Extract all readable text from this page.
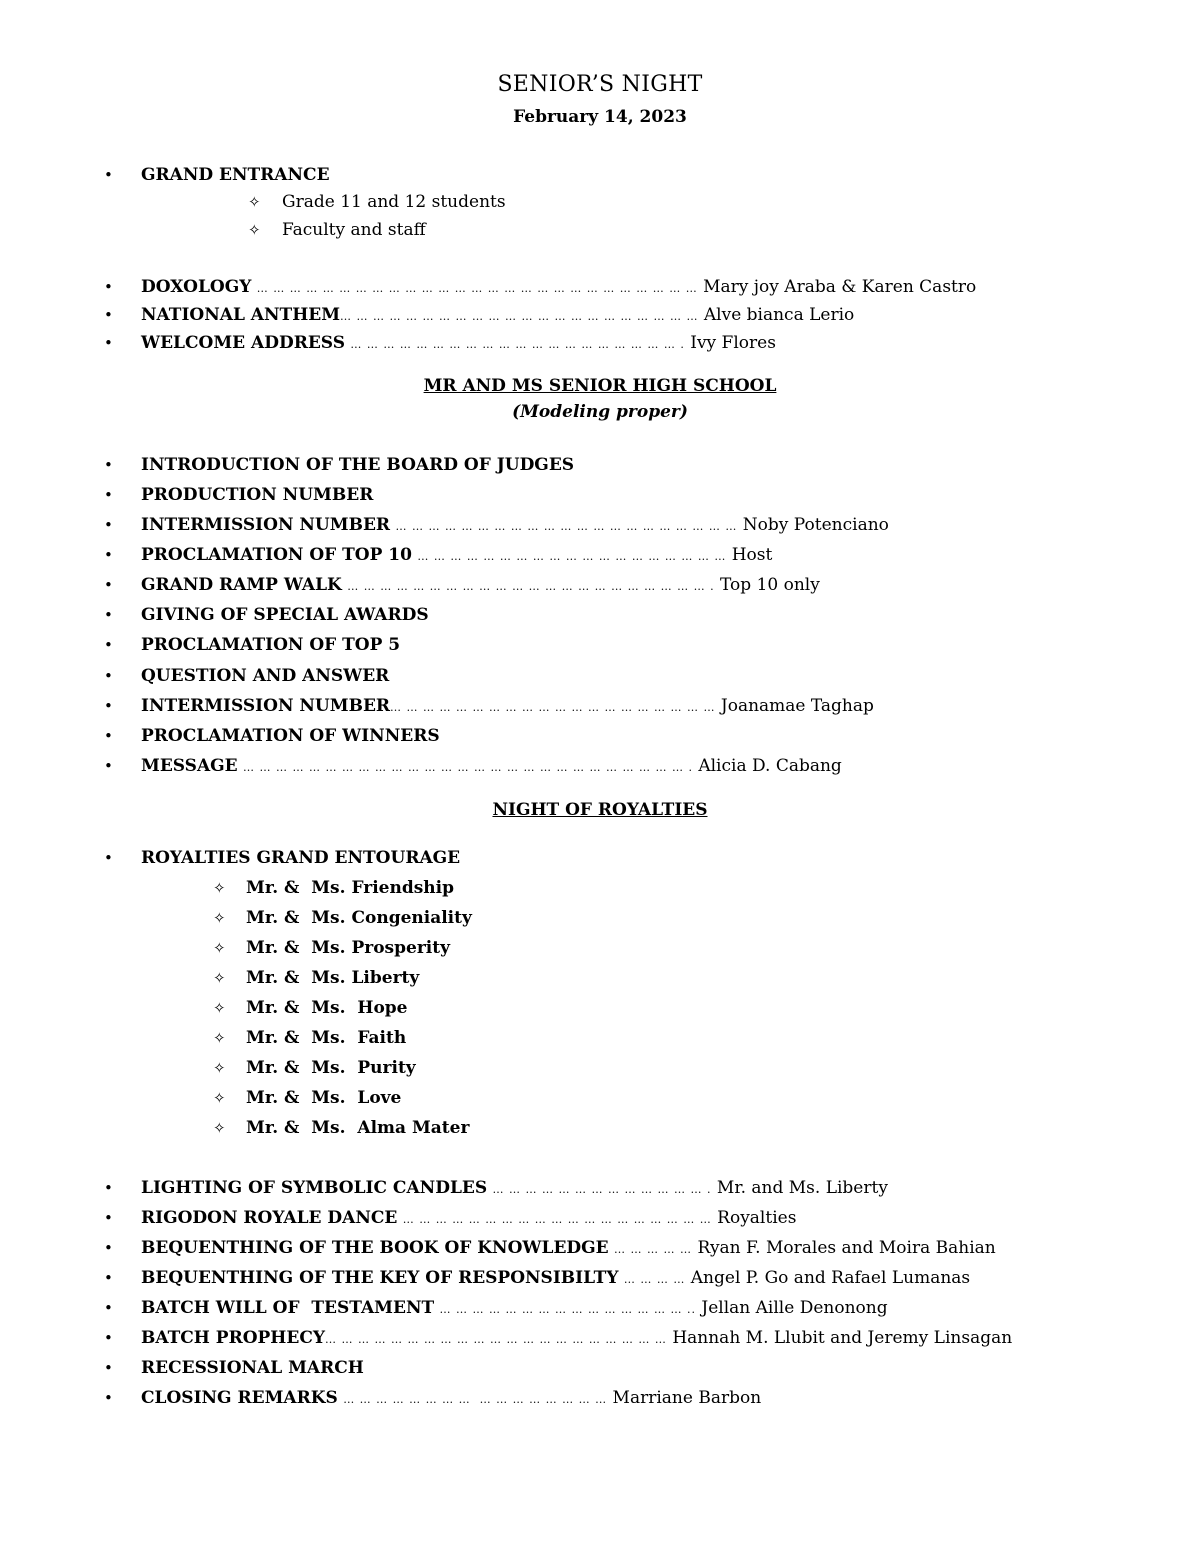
SENIOR’S NIGHT
February 14, 2023
• GRAND ENTRANCE
✧ Grade 11 and 12 students
✧ Faculty and staff
• DOXOLOGY … … … … … … … … … … … … … … … … … … … … … … … … … … … Mary joy Araba & Karen Castro
• NATIONAL ANTHEM… … … … … … … … … … … … … … … … … … … … … … Alve bianca Lerio
• WELCOME ADDRESS … … … … … … … … … … … … … … … … … … … … . Ivy Flores
MR AND MS SENIOR HIGH SCHOOL
(Modeling proper)
• INTRODUCTION OF THE BOARD OF JUDGES
• PRODUCTION NUMBER
• INTERMISSION NUMBER … … … … … … … … … … … … … … … … … … … … … Noby Potenciano
• PROCLAMATION OF TOP 10 … … … … … … … … … … … … … … … … … … … Host
• GRAND RAMP WALK … … … … … … … … … … … … … … … … … … … … … … . Top 10 only
• GIVING OF SPECIAL AWARDS
• PROCLAMATION OF TOP 5
• QUESTION AND ANSWER
• INTERMISSION NUMBER… … … … … … … … … … … … … … … … … … … … Joanamae Taghap
• PROCLAMATION OF WINNERS
• MESSAGE … … … … … … … … … … … … … … … … … … … … … … … … … … … . Alicia D. Cabang
NIGHT OF ROYALTIES
• ROYALTIES GRAND ENTOURAGE
✧ Mr. &  Ms. Friendship
✧ Mr. &  Ms. Congeniality
✧ Mr. &  Ms. Prosperity
✧ Mr. &  Ms. Liberty
✧ Mr. &  Ms.  Hope
✧ Mr. &  Ms.  Faith
✧ Mr. &  Ms.  Purity
✧ Mr. &  Ms.  Love
✧ Mr. &  Ms.  Alma Mater
• LIGHTING OF SYMBOLIC CANDLES … … … … … … … … … … … … … . Mr. and Ms. Liberty
• RIGODON ROYALE DANCE … … … … … … … … … … … … … … … … … … … Royalties
• BEQUENTHING OF THE BOOK OF KNOWLEDGE … … … … … Ryan F. Morales and Moira Bahian
• BEQUENTHING OF THE KEY OF RESPONSIBILTY … … … … Angel P. Go and Rafael Lumanas
• BATCH WILL OF  TESTAMENT … … … … … … … … … … … … … … … .. Jellan Aille Denonong
• BATCH PROPHECY… … … … … … … … … … … … … … … … … … … … … Hannah M. Llubit and Jeremy Linsagan
• RECESSIONAL MARCH
• CLOSING REMARKS … … … … … … … …  … … … … … … … … Marriane Barbon
